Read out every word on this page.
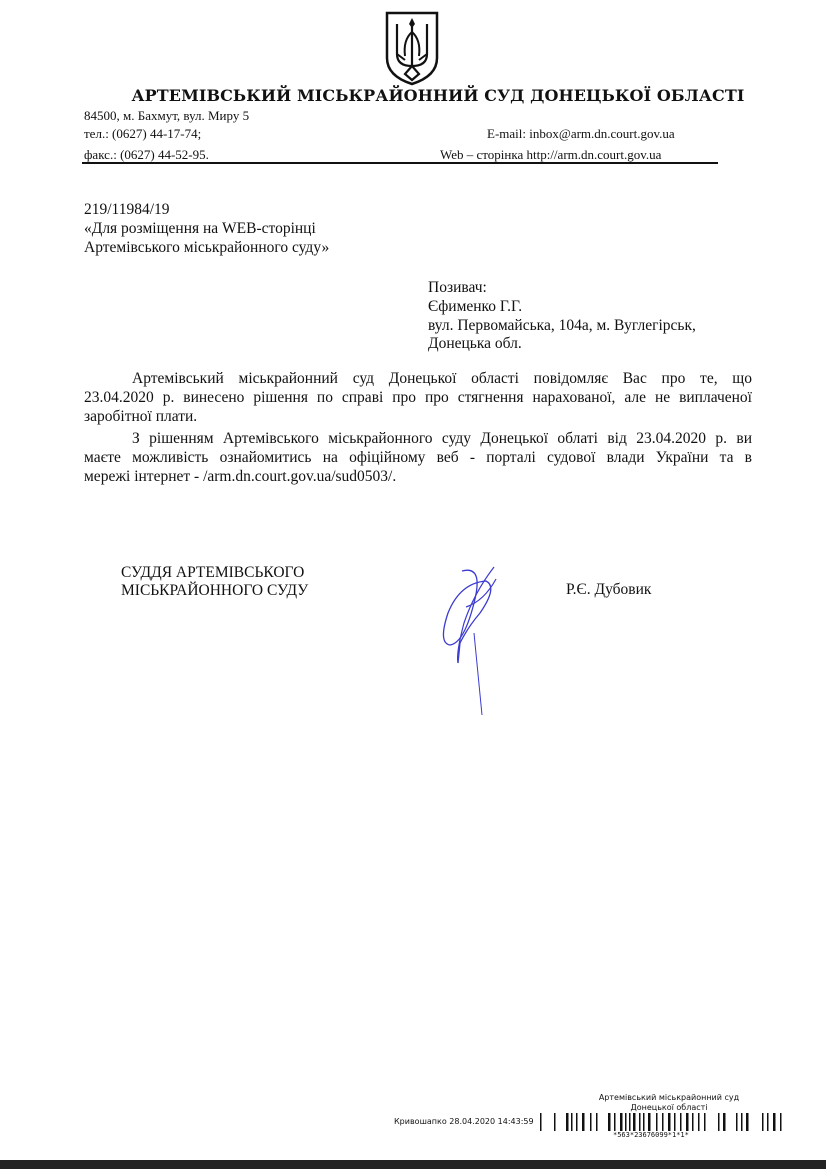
АРТЕМІВСЬКИЙ МІСЬКРАЙОННИЙ СУД ДОНЕЦЬКОЇ ОБЛАСТІ
84500, м. Бахмут, вул. Миру 5
тел.: (0627) 44-17-74;
факс.: (0627) 44-52-95.
E-mail: inbox@arm.dn.court.gov.ua
Web – сторінка http://arm.dn.court.gov.ua
219/11984/19
«Для розміщення на WEB-сторінці
Артемівського міськрайонного суду»
Позивач:
Єфименко Г.Г.
вул. Первомайська, 104а, м. Вуглегірськ,
Донецька обл.
Артемівський міськрайонний суд Донецької області повідомляє Вас про те, що
23.04.2020 р. винесено рішення по справі про про стягнення нарахованої, але не виплаченої
заробітної плати.
З рішенням Артемівського міськрайонного суду Донецької облаті від 23.04.2020 р. ви
маєте можливість ознайомитись на офіційному веб - порталі судової влади України та в
мережі інтернет - /arm.dn.court.gov.ua/sud0503/.
СУДДЯ АРТЕМІВСЬКОГО
МІСЬКРАЙОННОГО СУДУ	Р.Є. Дубовик
Артемівський міськрайонний суд
Донецької області
Кривошапко 28.04.2020 14:43:59
*563*23676099*1*1*
